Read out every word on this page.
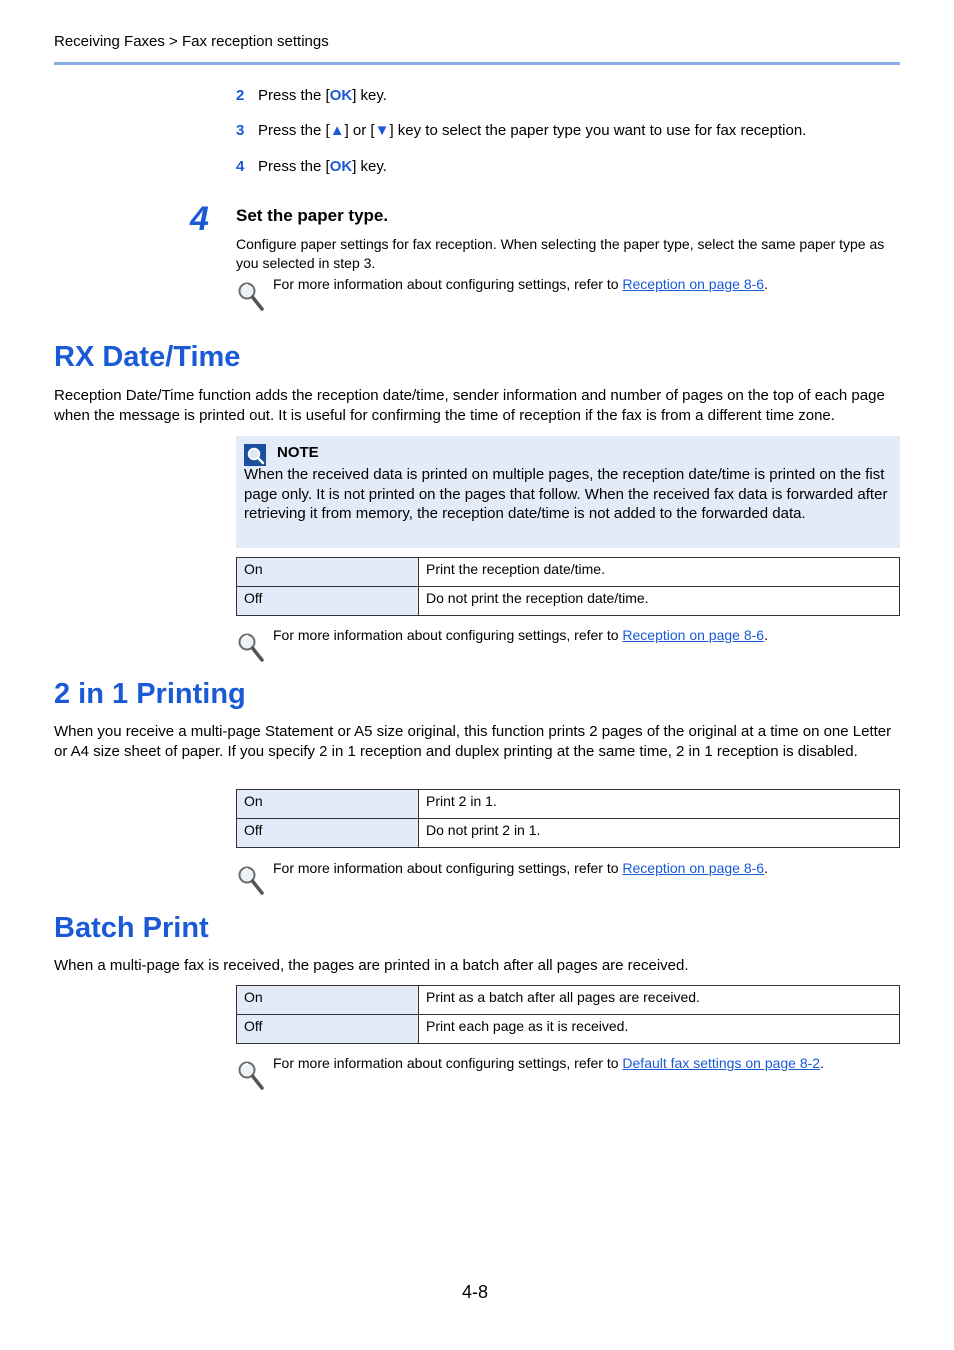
Receiving Faxes > Fax reception settings
2 Press the [OK] key.
3 Press the [▲] or [▼] key to select the paper type you want to use for fax reception.
4 Press the [OK] key.
4 Set the paper type.
Configure paper settings for fax reception. When selecting the paper type, select the same paper type as you selected in step 3.
For more information about configuring settings, refer to Reception on page 8-6.
RX Date/Time
Reception Date/Time function adds the reception date/time, sender information and number of pages on the top of each page when the message is printed out. It is useful for confirming the time of reception if the fax is from a different time zone.
NOTE
When the received data is printed on multiple pages, the reception date/time is printed on the fist page only. It is not printed on the pages that follow. When the received fax data is forwarded after retrieving it from memory, the reception date/time is not added to the forwarded data.
On	Print the reception date/time.
Off	Do not print the reception date/time.
For more information about configuring settings, refer to Reception on page 8-6.
2 in 1 Printing
When you receive a multi-page Statement or A5 size original, this function prints 2 pages of the original at a time on one Letter or A4 size sheet of paper. If you specify 2 in 1 reception and duplex printing at the same time, 2 in 1 reception is disabled.
On	Print 2 in 1.
Off	Do not print 2 in 1.
For more information about configuring settings, refer to Reception on page 8-6.
Batch Print
When a multi-page fax is received, the pages are printed in a batch after all pages are received.
On	Print as a batch after all pages are received.
Off	Print each page as it is received.
For more information about configuring settings, refer to Default fax settings on page 8-2.
4-8
